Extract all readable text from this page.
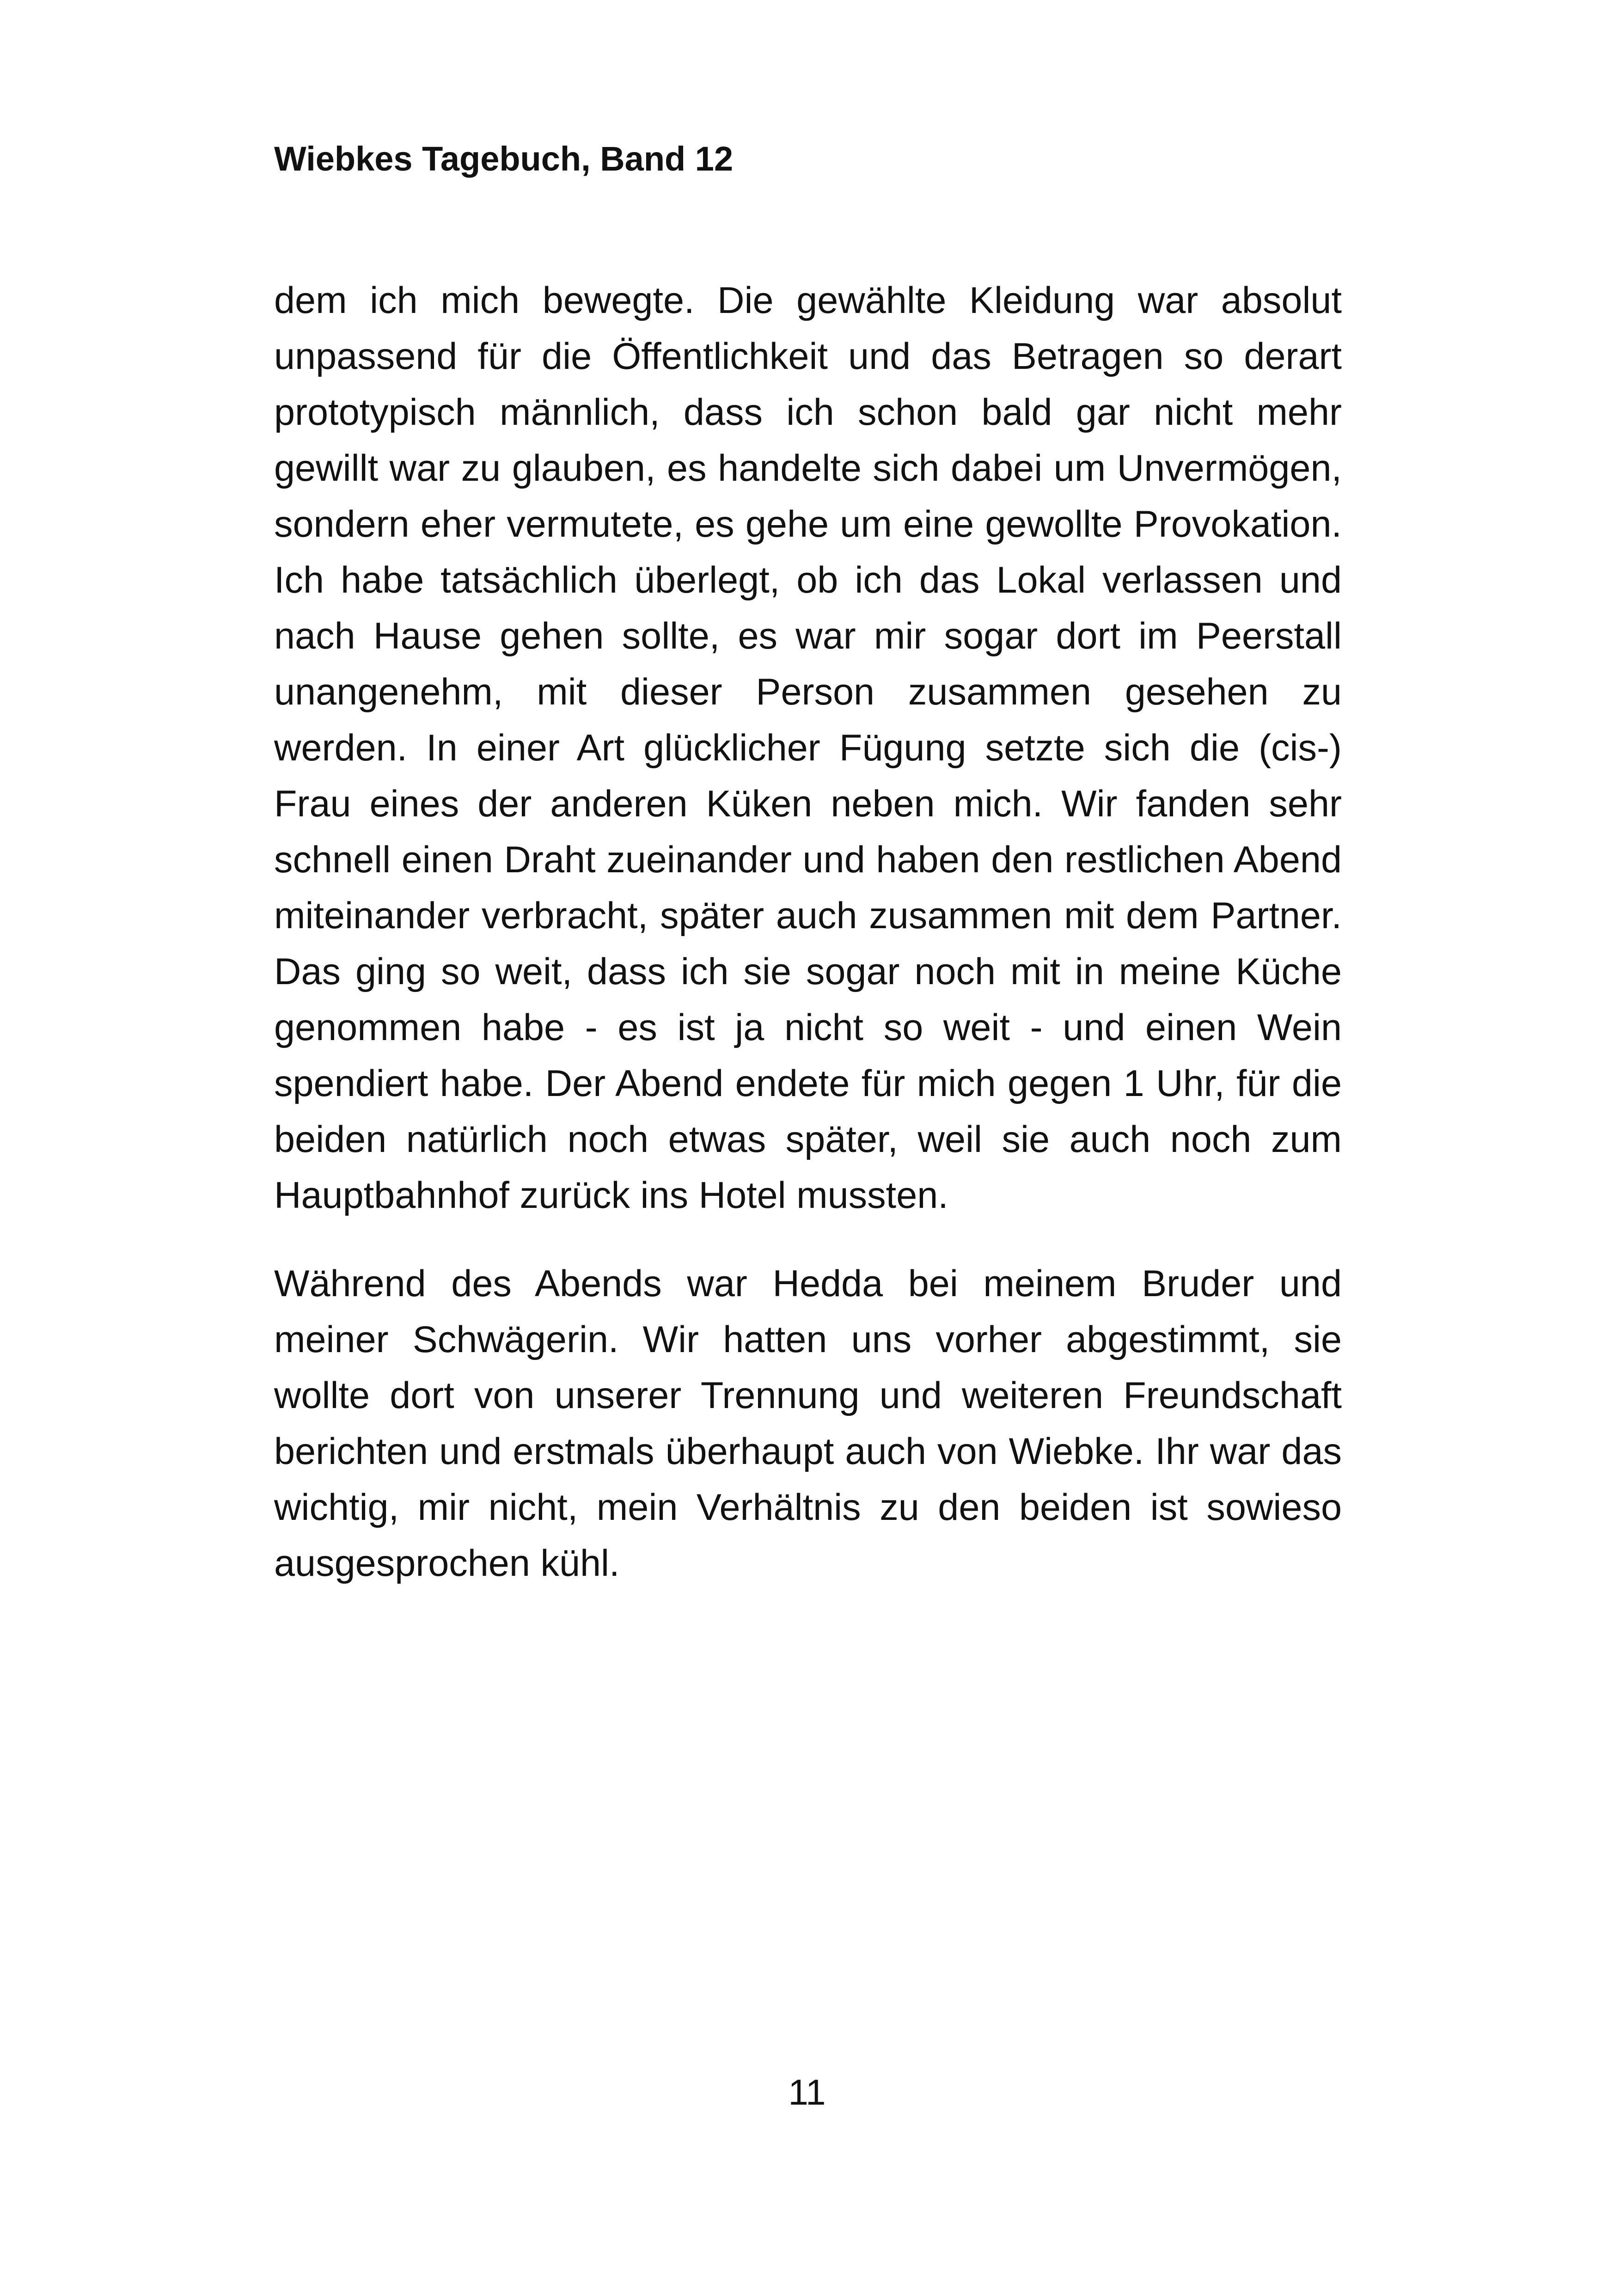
Wiebkes Tagebuch, Band 12

dem ich mich bewegte. Die gewählte Kleidung war absolut unpassend für die Öffentlichkeit und das Betragen so derart prototypisch männlich, dass ich schon bald gar nicht mehr gewillt war zu glauben, es handelte sich dabei um Unvermögen, sondern eher vermutete, es gehe um eine gewollte Provokation. Ich habe tatsächlich überlegt, ob ich das Lokal verlassen und nach Hause gehen sollte, es war mir sogar dort im Peerstall unangenehm, mit dieser Person zusammen gesehen zu werden. In einer Art glücklicher Fügung setzte sich die (cis-) Frau eines der anderen Küken neben mich. Wir fanden sehr schnell einen Draht zueinander und haben den restlichen Abend miteinander verbracht, später auch zusammen mit dem Partner. Das ging so weit, dass ich sie sogar noch mit in meine Küche genommen habe - es ist ja nicht so weit - und einen Wein spendiert habe. Der Abend endete für mich gegen 1 Uhr, für die beiden natürlich noch etwas später, weil sie auch noch zum Hauptbahnhof zurück ins Hotel mussten.

Während des Abends war Hedda bei meinem Bruder und meiner Schwägerin. Wir hatten uns vorher abgestimmt, sie wollte dort von unserer Trennung und weiteren Freundschaft berichten und erstmals überhaupt auch von Wiebke. Ihr war das wichtig, mir nicht, mein Verhältnis zu den beiden ist sowieso ausgesprochen kühl.

11
